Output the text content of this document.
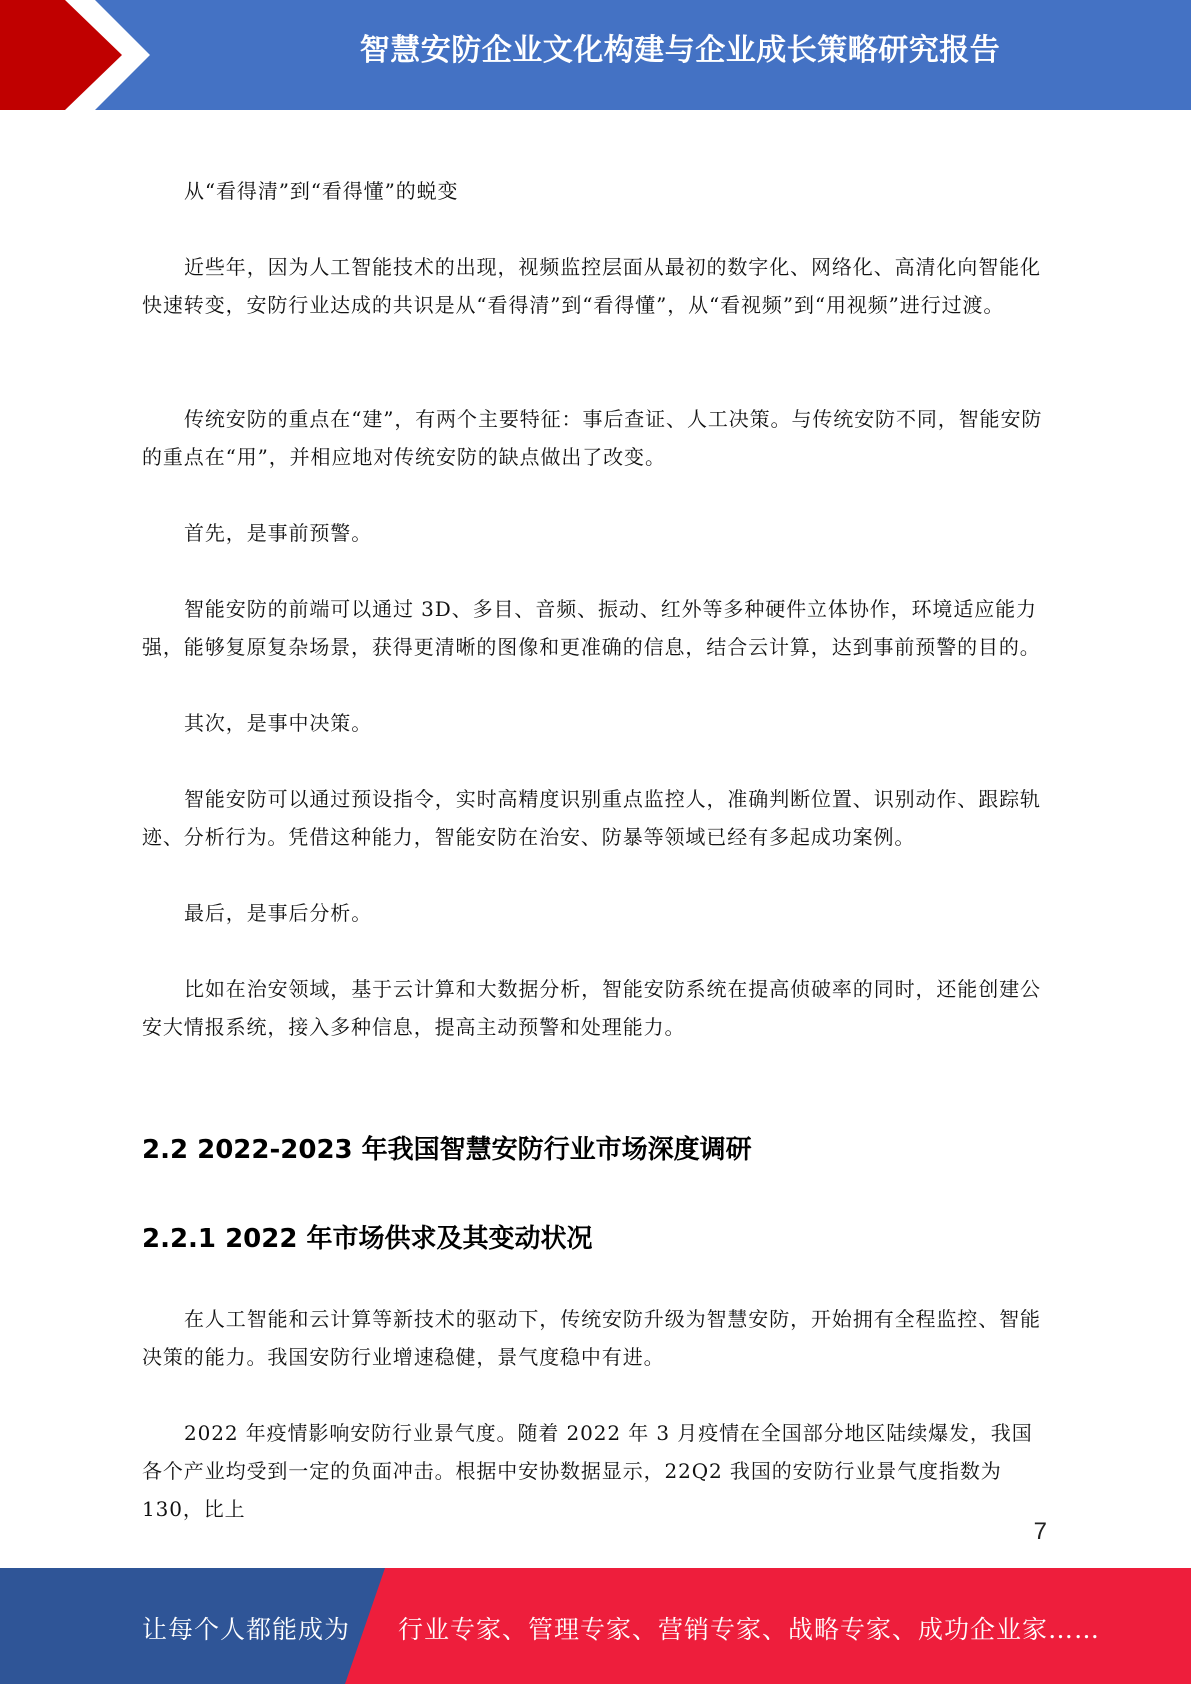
智慧安防企业文化构建与企业成长策略研究报告

从“看得清”到“看得懂”的蜕变

近些年，因为人工智能技术的出现，视频监控层面从最初的数字化、网络化、高清化向智能化快速转变，安防行业达成的共识是从“看得清”到“看得懂”，从“看视频”到“用视频”进行过渡。

传统安防的重点在“建”，有两个主要特征：事后查证、人工决策。与传统安防不同，智能安防的重点在“用”，并相应地对传统安防的缺点做出了改变。

首先，是事前预警。

智能安防的前端可以通过 3D、多目、音频、振动、红外等多种硬件立体协作，环境适应能力强，能够复原复杂场景，获得更清晰的图像和更准确的信息，结合云计算，达到事前预警的目的。

其次，是事中决策。

智能安防可以通过预设指令，实时高精度识别重点监控人，准确判断位置、识别动作、跟踪轨迹、分析行为。凭借这种能力，智能安防在治安、防暴等领域已经有多起成功案例。

最后，是事后分析。

比如在治安领域，基于云计算和大数据分析，智能安防系统在提高侦破率的同时，还能创建公安大情报系统，接入多种信息，提高主动预警和处理能力。

2.2 2022-2023 年我国智慧安防行业市场深度调研
2.2.1 2022 年市场供求及其变动状况

在人工智能和云计算等新技术的驱动下，传统安防升级为智慧安防，开始拥有全程监控、智能决策的能力。我国安防行业增速稳健，景气度稳中有进。

2022 年疫情影响安防行业景气度。随着 2022 年 3 月疫情在全国部分地区陆续爆发，我国各个产业均受到一定的负面冲击。根据中安协数据显示，22Q2 我国的安防行业景气度指数为 130，比上

7
让每个人都能成为 行业专家、管理专家、营销专家、战略专家、成功企业家……
